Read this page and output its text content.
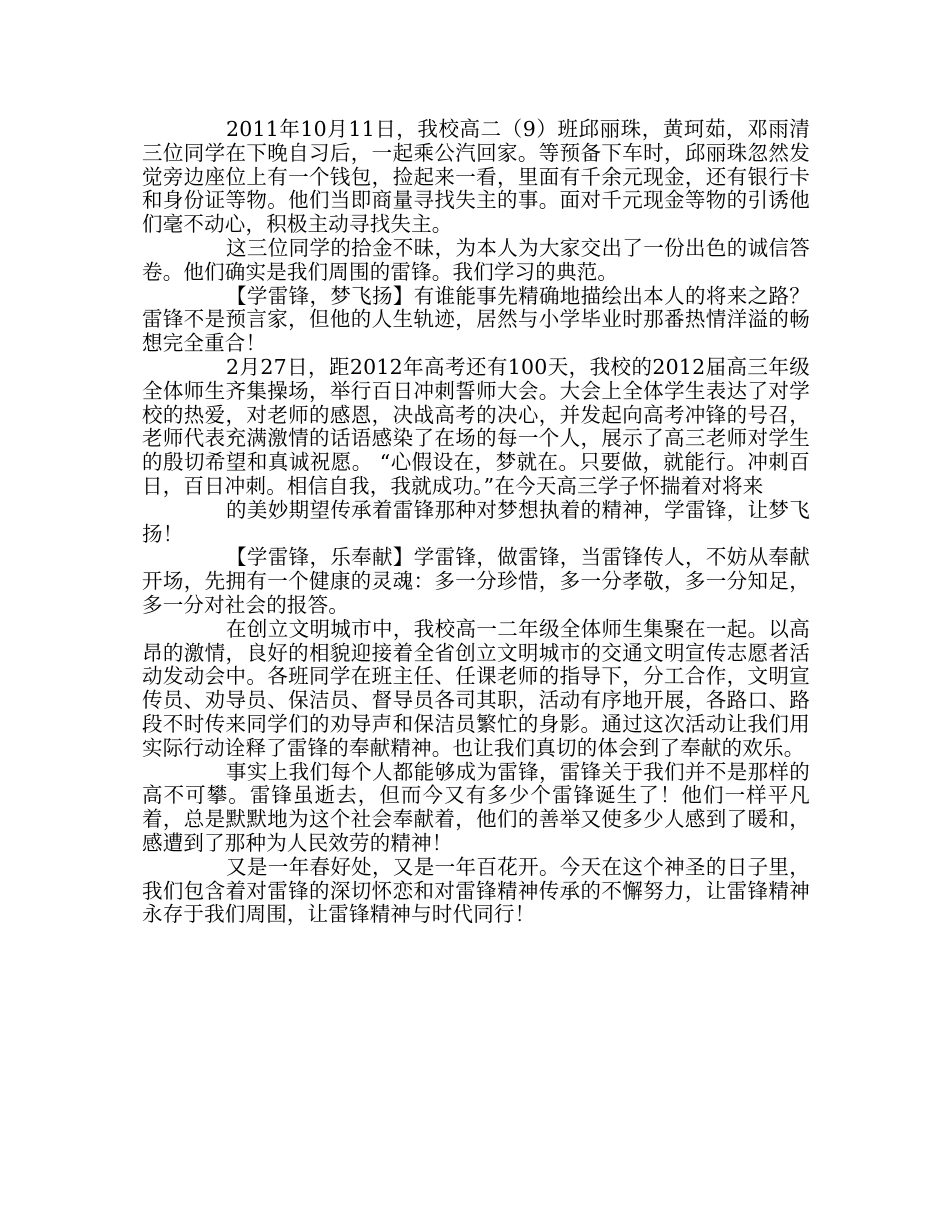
2011年10月11日，我校高二（9）班邱丽珠，黄珂茹，邓雨清三位同学在下晚自习后，一起乘公汽回家。等预备下车时，邱丽珠忽然发觉旁边座位上有一个钱包，捡起来一看，里面有千余元现金，还有银行卡和身份证等物。他们当即商量寻找失主的事。面对千元现金等物的引诱他们毫不动心，积极主动寻找失主。

这三位同学的拾金不昧，为本人为大家交出了一份出色的诚信答卷。他们确实是我们周围的雷锋。我们学习的典范。

【学雷锋，梦飞扬】有谁能事先精确地描绘出本人的将来之路？雷锋不是预言家，但他的人生轨迹，居然与小学毕业时那番热情洋溢的畅想完全重合！

2月27日，距2012年高考还有100天，我校的2012届高三年级全体师生齐集操场，举行百日冲刺誓师大会。大会上全体学生表达了对学校的热爱，对老师的感恩，决战高考的决心，并发起向高考冲锋的号召，老师代表充满激情的话语感染了在场的每一个人，展示了高三老师对学生的殷切希望和真诚祝愿。 “心假设在，梦就在。只要做，就能行。冲刺百日，百日冲刺。相信自我，我就成功。”在今天高三学子怀揣着对将来

的美妙期望传承着雷锋那种对梦想执着的精神，学雷锋，让梦飞扬！

【学雷锋，乐奉献】学雷锋，做雷锋，当雷锋传人，不妨从奉献开场，先拥有一个健康的灵魂：多一分珍惜，多一分孝敬，多一分知足，多一分对社会的报答。

在创立文明城市中，我校高一二年级全体师生集聚在一起。以高昂的激情，良好的相貌迎接着全省创立文明城市的交通文明宣传志愿者活动发动会中。各班同学在班主任、任课老师的指导下，分工合作，文明宣传员、劝导员、保洁员、督导员各司其职，活动有序地开展，各路口、路段不时传来同学们的劝导声和保洁员繁忙的身影。通过这次活动让我们用实际行动诠释了雷锋的奉献精神。也让我们真切的体会到了奉献的欢乐。

事实上我们每个人都能够成为雷锋，雷锋关于我们并不是那样的高不可攀。雷锋虽逝去，但而今又有多少个雷锋诞生了！他们一样平凡着，总是默默地为这个社会奉献着，他们的善举又使多少人感到了暖和，感遭到了那种为人民效劳的精神！

又是一年春好处，又是一年百花开。今天在这个神圣的日子里，我们包含着对雷锋的深切怀恋和对雷锋精神传承的不懈努力，让雷锋精神永存于我们周围，让雷锋精神与时代同行！
